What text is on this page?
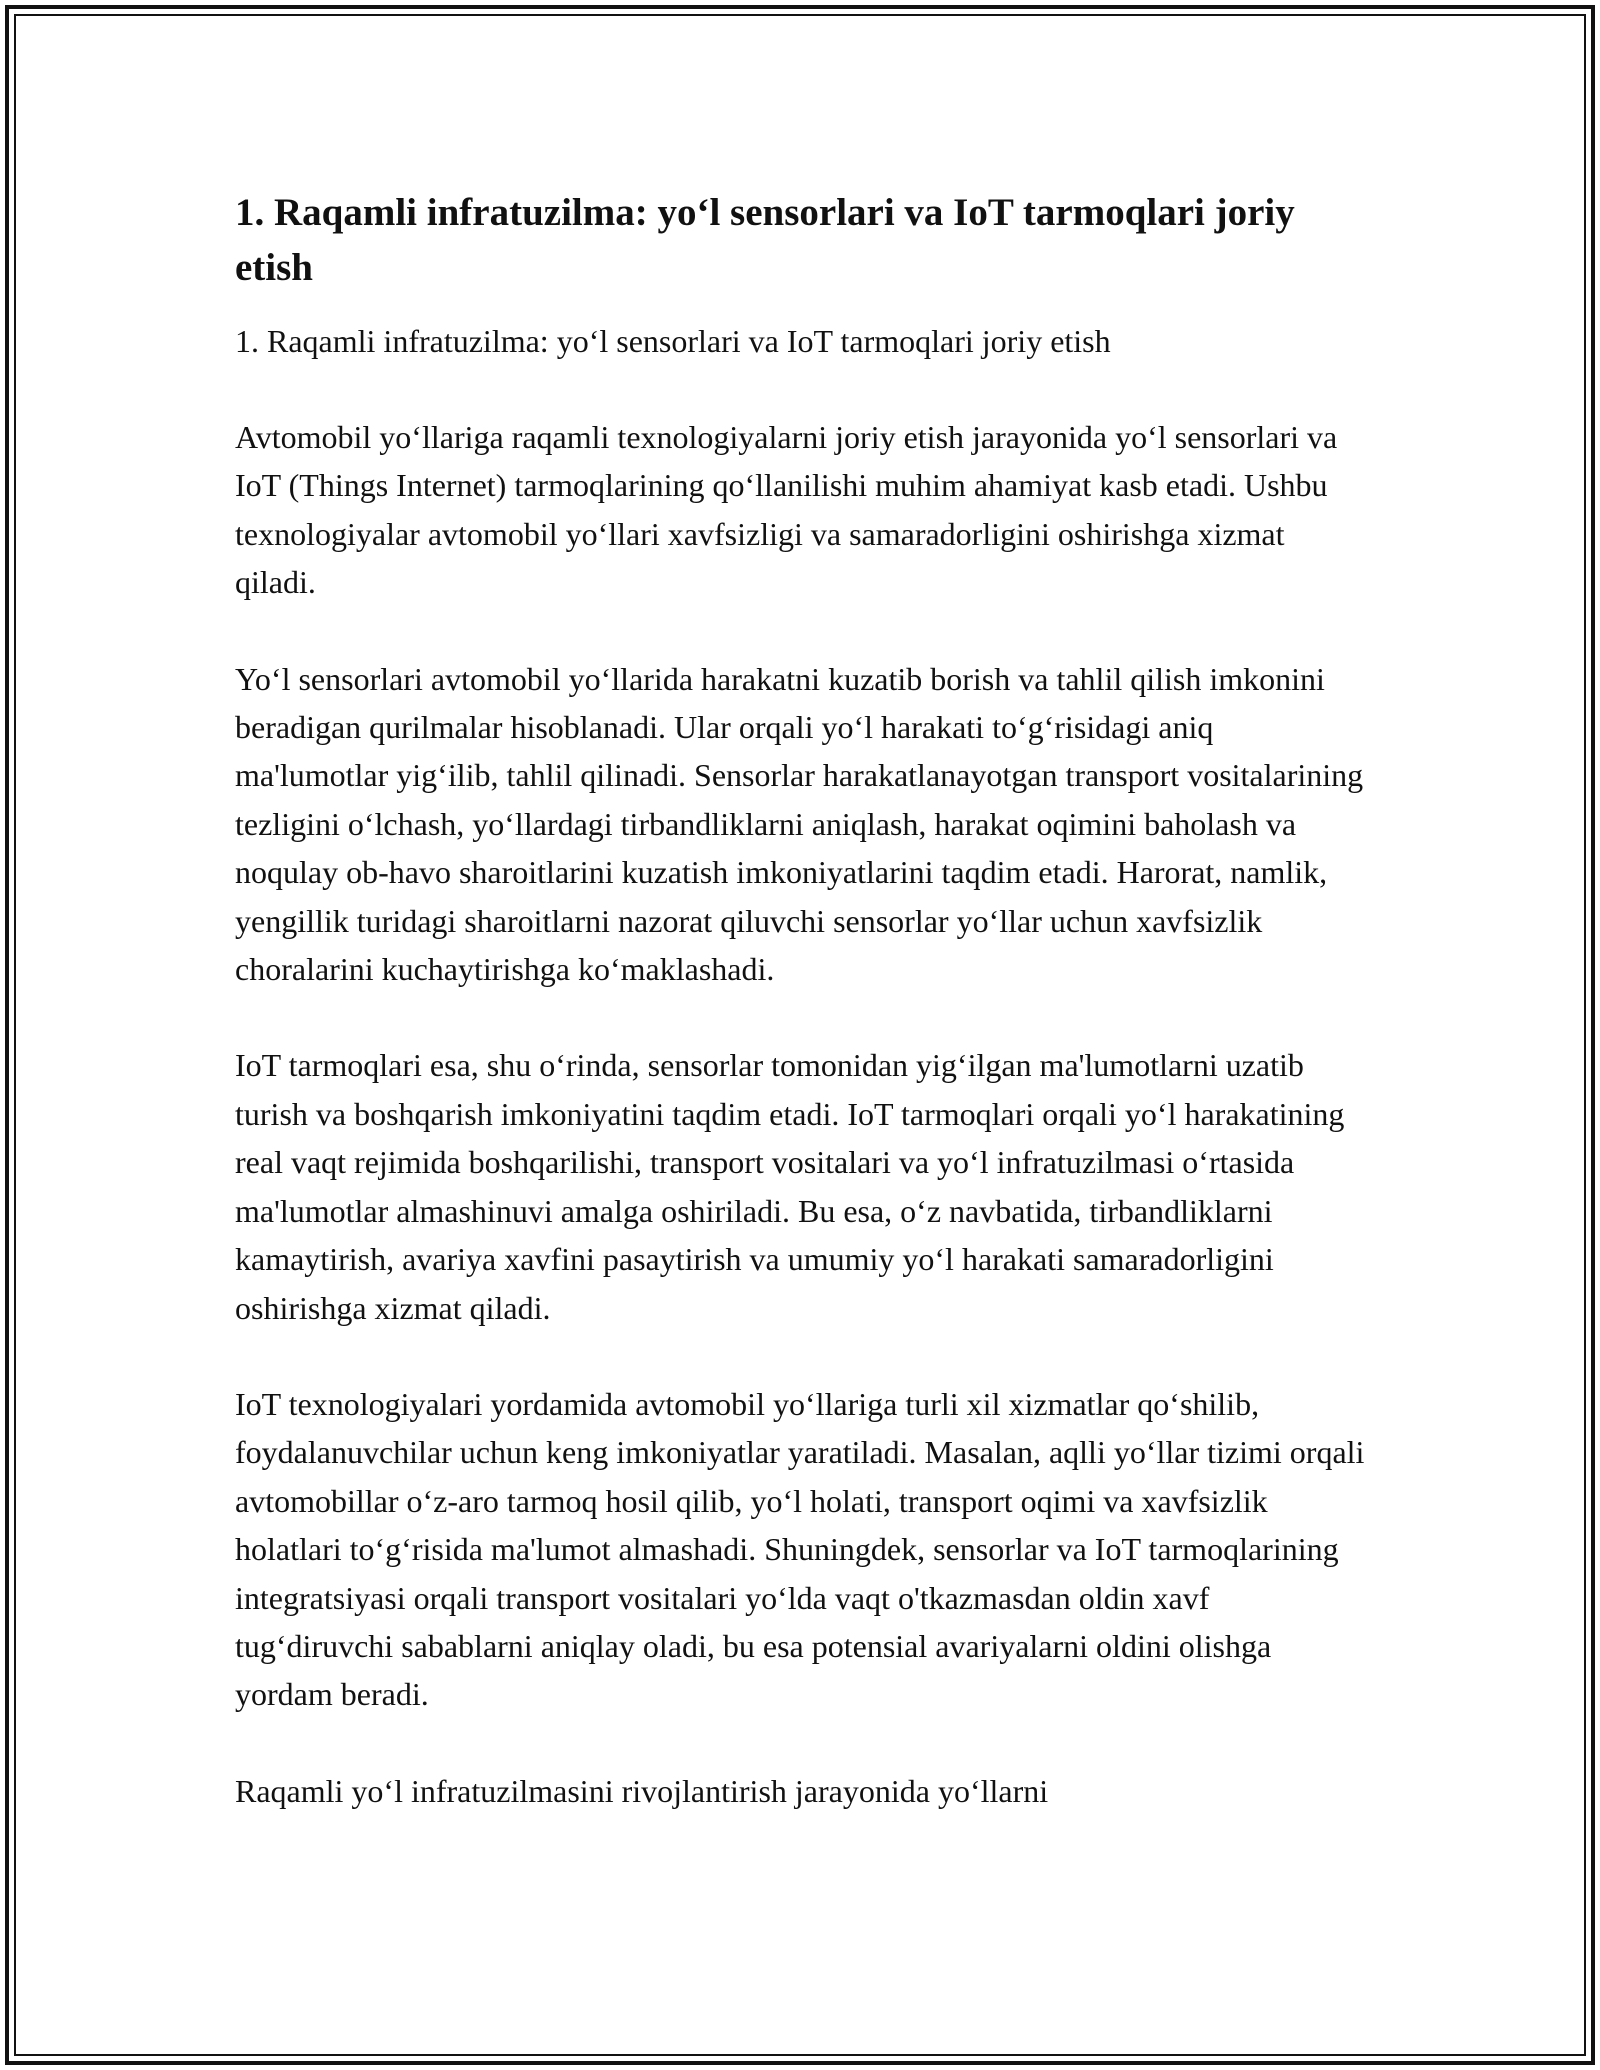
1. Raqamli infratuzilma: yo‘l sensorlari va IoT tarmoqlari joriy etish

1. Raqamli infratuzilma: yo‘l sensorlari va IoT tarmoqlari joriy etish

Avtomobil yo‘llariga raqamli texnologiyalarni joriy etish jarayonida yo‘l sensorlari va IoT (Things Internet) tarmoqlarining qo‘llanilishi muhim ahamiyat kasb etadi. Ushbu texnologiyalar avtomobil yo‘llari xavfsizligi va samaradorligini oshirishga xizmat qiladi.

Yo‘l sensorlari avtomobil yo‘llarida harakatni kuzatib borish va tahlil qilish imkonini beradigan qurilmalar hisoblanadi. Ular orqali yo‘l harakati to‘g‘risidagi aniq ma'lumotlar yig‘ilib, tahlil qilinadi. Sensorlar harakatlanayotgan transport vositalarining tezligini o‘lchash, yo‘llardagi tirbandliklarni aniqlash, harakat oqimini baholash va noqulay ob-havo sharoitlarini kuzatish imkoniyatlarini taqdim etadi. Harorat, namlik, yengillik turidagi sharoitlarni nazorat qiluvchi sensorlar yo‘llar uchun xavfsizlik choralarini kuchaytirishga ko‘maklashadi.

IoT tarmoqlari esa, shu o‘rinda, sensorlar tomonidan yig‘ilgan ma'lumotlarni uzatib turish va boshqarish imkoniyatini taqdim etadi. IoT tarmoqlari orqali yo‘l harakatining real vaqt rejimida boshqarilishi, transport vositalari va yo‘l infratuzilmasi o‘rtasida ma'lumotlar almashinuvi amalga oshiriladi. Bu esa, o‘z navbatida, tirbandliklarni kamaytirish, avariya xavfini pasaytirish va umumiy yo‘l harakati samaradorligini oshirishga xizmat qiladi.

IoT texnologiyalari yordamida avtomobil yo‘llariga turli xil xizmatlar qo‘shilib, foydalanuvchilar uchun keng imkoniyatlar yaratiladi. Masalan, aqlli yo‘llar tizimi orqali avtomobillar o‘z-aro tarmoq hosil qilib, yo‘l holati, transport oqimi va xavfsizlik holatlari to‘g‘risida ma'lumot almashadi. Shuningdek, sensorlar va IoT tarmoqlarining integratsiyasi orqali transport vositalari yo‘lda vaqt o'tkazmasdan oldin xavf tug‘diruvchi sabablarni aniqlay oladi, bu esa potensial avariyalarni oldini olishga yordam beradi.

Raqamli yo‘l infratuzilmasini rivojlantirish jarayonida yo‘llarni
